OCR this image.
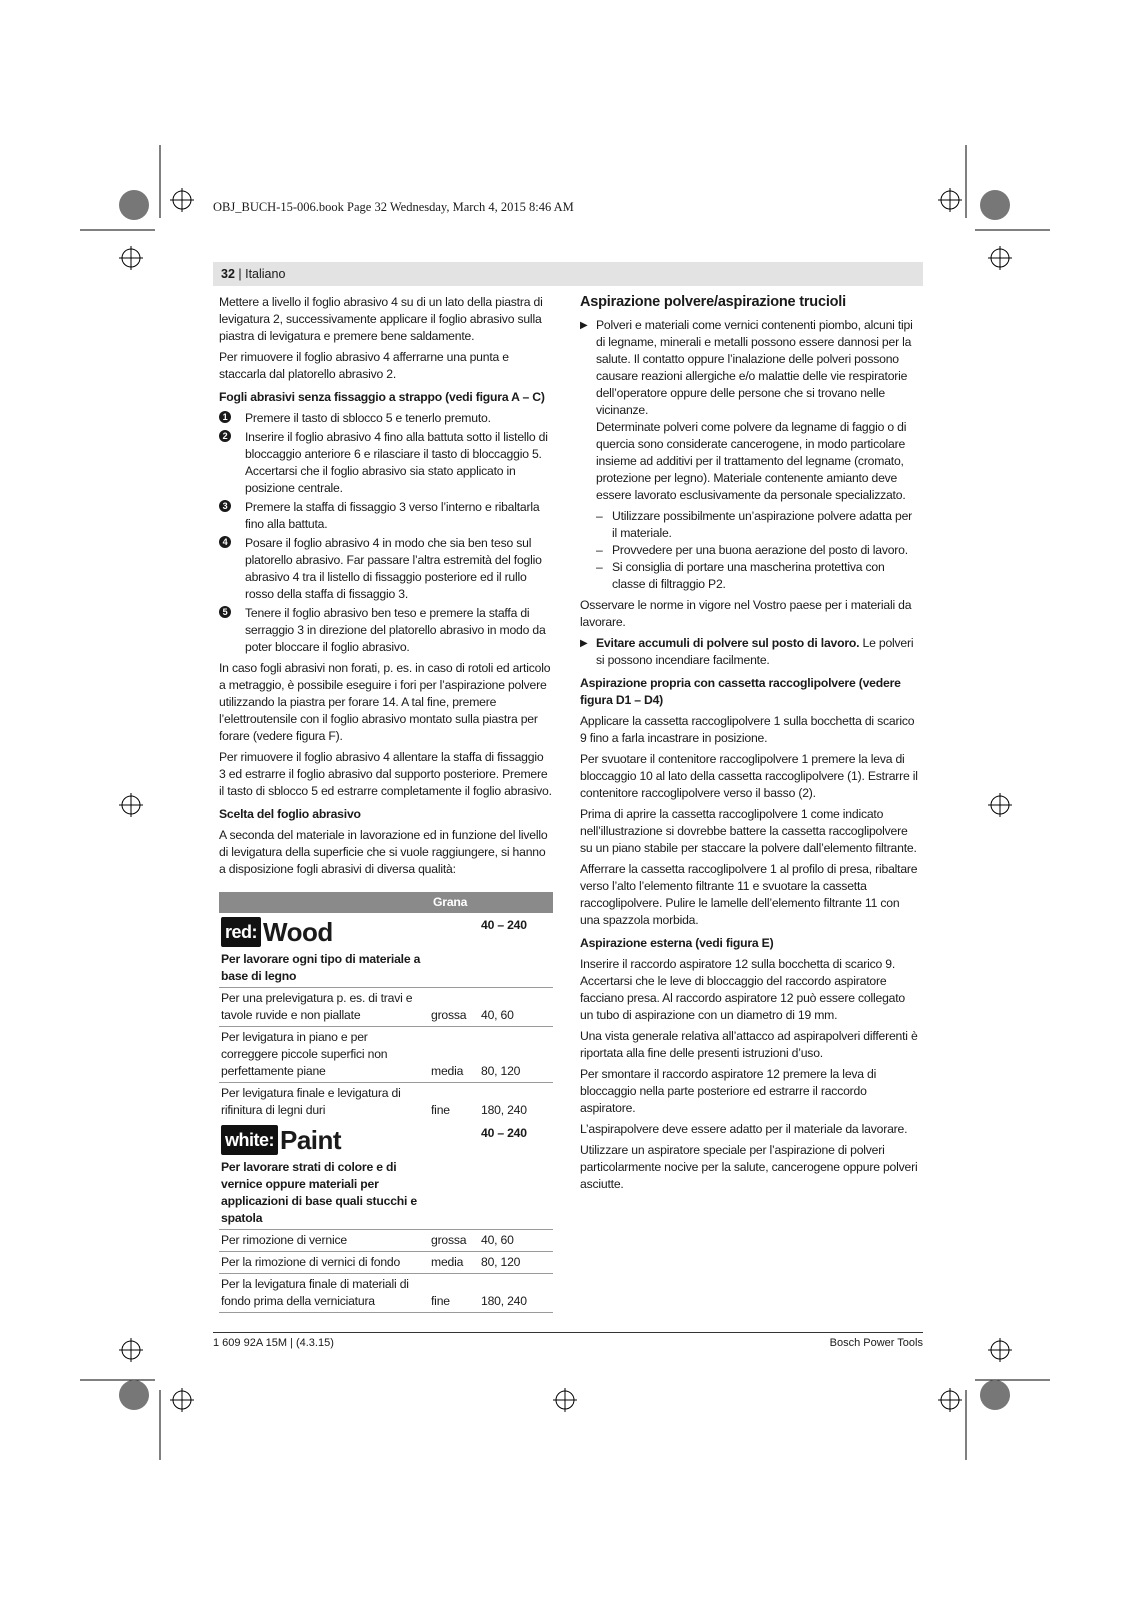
OBJ_BUCH-15-006.book Page 32 Wednesday, March 4, 2015 8:46 AM
32 | Italiano

Mettere a livello il foglio abrasivo 4 su di un lato della piastra di levigatura 2, successivamente applicare il foglio abrasivo sulla piastra di levigatura e premere bene saldamente.

Per rimuovere il foglio abrasivo 4 afferrarne una punta e staccarla dal platorello abrasivo 2.

Fogli abrasivi senza fissaggio a strappo (vedi figura A – C)
1 Premere il tasto di sblocco 5 e tenerlo premuto.
2 Inserire il foglio abrasivo 4 fino alla battuta sotto il listello di bloccaggio anteriore 6 e rilasciare il tasto di bloccaggio 5. Accertarsi che il foglio abrasivo sia stato applicato in posizione centrale.
3 Premere la staffa di fissaggio 3 verso l’interno e ribaltarla fino alla battuta.
4 Posare il foglio abrasivo 4 in modo che sia ben teso sul platorello abrasivo. Far passare l’altra estremità del foglio abrasivo 4 tra il listello di fissaggio posteriore ed il rullo rosso della staffa di fissaggio 3.
5 Tenere il foglio abrasivo ben teso e premere la staffa di serraggio 3 in direzione del platorello abrasivo in modo da poter bloccare il foglio abrasivo.

In caso fogli abrasivi non forati, p. es. in caso di rotoli ed articolo a metraggio, è possibile eseguire i fori per l’aspirazione polvere utilizzando la piastra per forare 14. A tal fine, premere l’elettroutensile con il foglio abrasivo montato sulla piastra per forare (vedere figura F).

Per rimuovere il foglio abrasivo 4 allentare la staffa di fissaggio 3 ed estrarre il foglio abrasivo dal supporto posteriore. Premere il tasto di sblocco 5 ed estrarre completamente il foglio abrasivo.

Scelta del foglio abrasivo

A seconda del materiale in lavorazione ed in funzione del livello di levigatura della superficie che si vuole raggiungere, si hanno a disposizione fogli abrasivi di diversa qualità:

	Grana	
red: Wood		40 – 240
Per lavorare ogni tipo di materiale a base di legno		
Per una prelevigatura p. es. di travi e tavole ruvide e non piallate	grossa	40, 60
Per levigatura in piano e per correggere piccole superfici non perfettamente piane	media	80, 120
Per levigatura finale e levigatura di rifinitura di legni duri	fine	180, 240
white: Paint		40 – 240
Per lavorare strati di colore e di vernice oppure materiali per applicazioni di base quali stucchi e spatola		
Per rimozione di vernice	grossa	40, 60
Per la rimozione di vernici di fondo	media	80, 120
Per la levigatura finale di materiali di fondo prima della verniciatura	fine	180, 240
Aspirazione polvere/aspirazione trucioli
▶ Polveri e materiali come vernici contenenti piombo, alcuni tipi di legname, minerali e metalli possono essere dannosi per la salute. Il contatto oppure l’inalazione delle polveri possono causare reazioni allergiche e/o malattie delle vie respiratorie dell’operatore oppure delle persone che si trovano nelle vicinanze.
Determinate polveri come polvere da legname di faggio o di quercia sono considerate cancerogene, in modo particolare insieme ad additivi per il trattamento del legname (cromato, protezione per legno). Materiale contenente amianto deve essere lavorato esclusivamente da personale specializzato.
– Utilizzare possibilmente un’aspirazione polvere adatta per il materiale.
– Provvedere per una buona aerazione del posto di lavoro.
– Si consiglia di portare una mascherina protettiva con classe di filtraggio P2.

Osservare le norme in vigore nel Vostro paese per i materiali da lavorare.

▶ Evitare accumuli di polvere sul posto di lavoro. Le polveri si possono incendiare facilmente.
Aspirazione propria con cassetta raccoglipolvere (vedere figura D1 – D4)

Applicare la cassetta raccoglipolvere 1 sulla bocchetta di scarico 9 fino a farla incastrare in posizione.

Per svuotare il contenitore raccoglipolvere 1 premere la leva di bloccaggio 10 al lato della cassetta raccoglipolvere (1). Estrarre il contenitore raccoglipolvere verso il basso (2).

Prima di aprire la cassetta raccoglipolvere 1 come indicato nell’illustrazione si dovrebbe battere la cassetta raccoglipolvere su un piano stabile per staccare la polvere dall’elemento filtrante.

Afferrare la cassetta raccoglipolvere 1 al profilo di presa, ribaltare verso l’alto l’elemento filtrante 11 e svuotare la cassetta raccoglipolvere. Pulire le lamelle dell’elemento filtrante 11 con una spazzola morbida.

Aspirazione esterna (vedi figura E)

Inserire il raccordo aspiratore 12 sulla bocchetta di scarico 9. Accertarsi che le leve di bloccaggio del raccordo aspiratore facciano presa. Al raccordo aspiratore 12 può essere collegato un tubo di aspirazione con un diametro di 19 mm.

Una vista generale relativa all’attacco ad aspirapolveri differenti è riportata alla fine delle presenti istruzioni d’uso.

Per smontare il raccordo aspiratore 12 premere la leva di bloccaggio nella parte posteriore ed estrarre il raccordo aspiratore.

L’aspirapolvere deve essere adatto per il materiale da lavorare.

Utilizzare un aspiratore speciale per l’aspirazione di polveri particolarmente nocive per la salute, cancerogene oppure polveri asciutte.

1 609 92A 15M | (4.3.15)	Bosch Power Tools
